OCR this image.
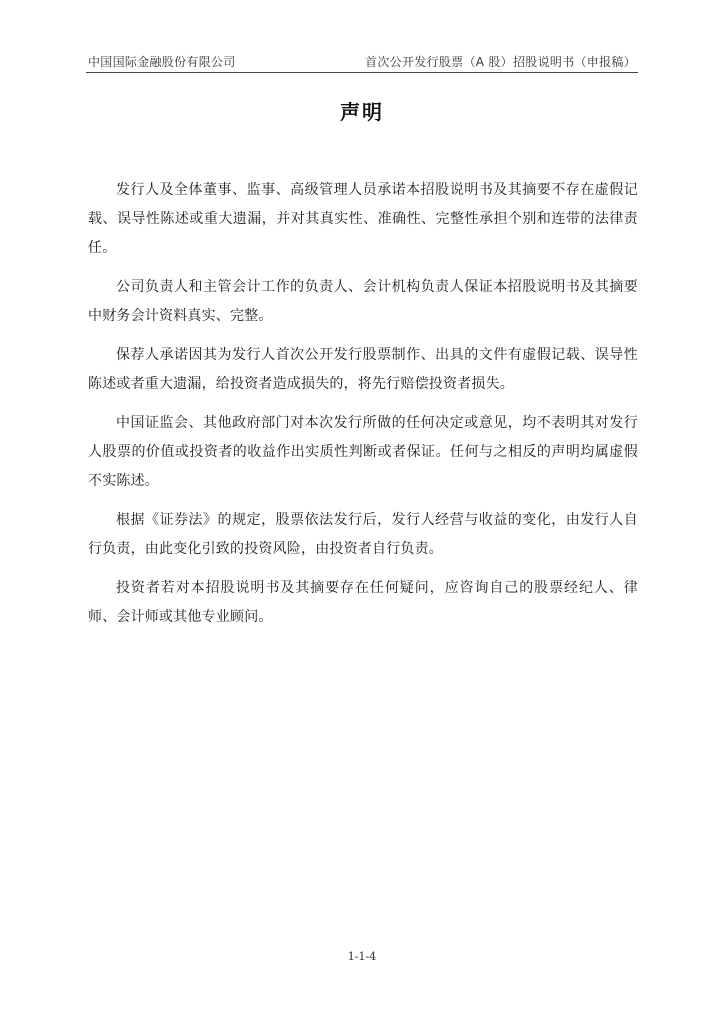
中国国际金融股份有限公司	首次公开发行股票（A 股）招股说明书（申报稿）
声明

发行人及全体董事、监事、高级管理人员承诺本招股说明书及其摘要不存在虚假记载、误导性陈述或重大遗漏，并对其真实性、准确性、完整性承担个别和连带的法律责任。

公司负责人和主管会计工作的负责人、会计机构负责人保证本招股说明书及其摘要中财务会计资料真实、完整。

保荐人承诺因其为发行人首次公开发行股票制作、出具的文件有虚假记载、误导性陈述或者重大遗漏，给投资者造成损失的，将先行赔偿投资者损失。

中国证监会、其他政府部门对本次发行所做的任何决定或意见，均不表明其对发行人股票的价值或投资者的收益作出实质性判断或者保证。任何与之相反的声明均属虚假不实陈述。

根据《证券法》的规定，股票依法发行后，发行人经营与收益的变化，由发行人自行负责，由此变化引致的投资风险，由投资者自行负责。

投资者若对本招股说明书及其摘要存在任何疑问，应咨询自己的股票经纪人、律师、会计师或其他专业顾问。

1-1-4
